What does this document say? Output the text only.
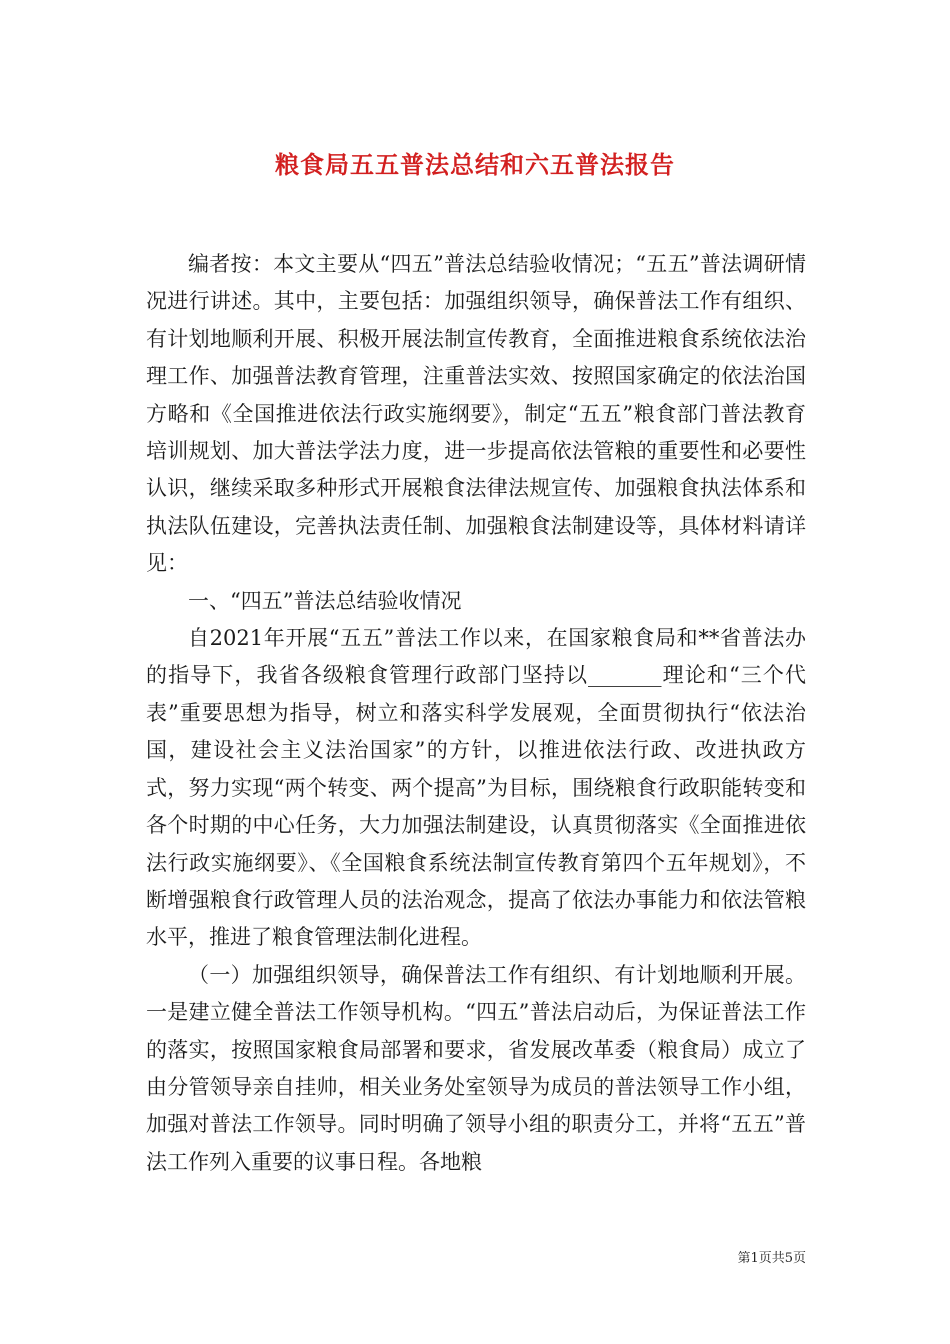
粮食局五五普法总结和六五普法报告

编者按：本文主要从“四五”普法总结验收情况；“五五”普法调研情况进行讲述。其中，主要包括：加强组织领导，确保普法工作有组织、有计划地顺利开展、积极开展法制宣传教育，全面推进粮食系统依法治理工作、加强普法教育管理，注重普法实效、按照国家确定的依法治国方略和《全国推进依法行政实施纲要》，制定“五五”粮食部门普法教育培训规划、加大普法学法力度，进一步提高依法管粮的重要性和必要性认识，继续采取多种形式开展粮食法律法规宣传、加强粮食执法体系和执法队伍建设，完善执法责任制、加强粮食法制建设等，具体材料请详见：

一、“四五”普法总结验收情况

自2021年开展“五五”普法工作以来，在国家粮食局和**省普法办的指导下，我省各级粮食管理行政部门坚持以_______理论和“三个代表”重要思想为指导，树立和落实科学发展观，全面贯彻执行“依法治国，建设社会主义法治国家”的方针，以推进依法行政、改进执政方式，努力实现“两个转变、两个提高”为目标，围绕粮食行政职能转变和各个时期的中心任务，大力加强法制建设，认真贯彻落实《全面推进依法行政实施纲要》、《全国粮食系统法制宣传教育第四个五年规划》，不断增强粮食行政管理人员的法治观念，提高了依法办事能力和依法管粮水平，推进了粮食管理法制化进程。

（一）加强组织领导，确保普法工作有组织、有计划地顺利开展。一是建立健全普法工作领导机构。“四五”普法启动后，为保证普法工作的落实，按照国家粮食局部署和要求，省发展改革委（粮食局）成立了由分管领导亲自挂帅，相关业务处室领导为成员的普法领导工作小组，加强对普法工作领导。同时明确了领导小组的职责分工，并将“五五”普法工作列入重要的议事日程。各地粮

第1页共5页
